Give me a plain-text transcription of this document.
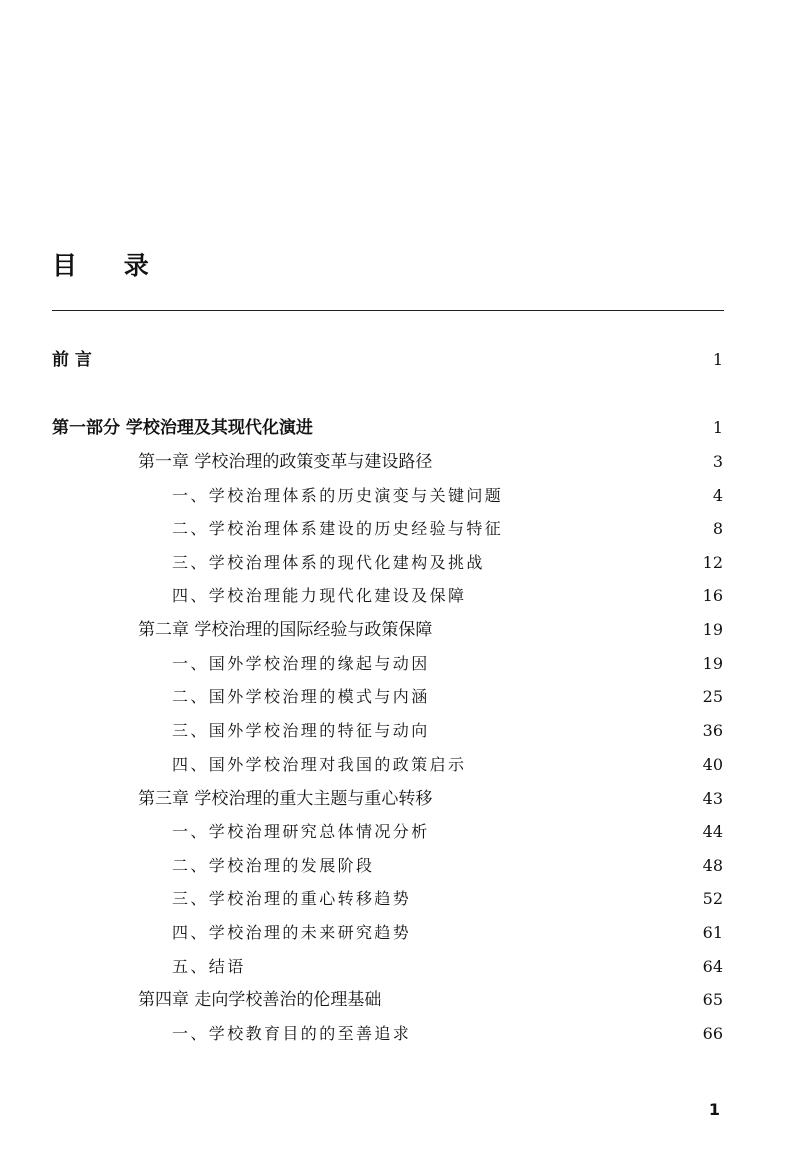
目 录
前 言	1
第一部分 学校治理及其现代化演进	1
第一章 学校治理的政策变革与建设路径	3
一、学校治理体系的历史演变与关键问题	4
二、学校治理体系建设的历史经验与特征	8
三、学校治理体系的现代化建构及挑战	12
四、学校治理能力现代化建设及保障	16
第二章 学校治理的国际经验与政策保障	19
一、国外学校治理的缘起与动因	19
二、国外学校治理的模式与内涵	25
三、国外学校治理的特征与动向	36
四、国外学校治理对我国的政策启示	40
第三章 学校治理的重大主题与重心转移	43
一、学校治理研究总体情况分析	44
二、学校治理的发展阶段	48
三、学校治理的重心转移趋势	52
四、学校治理的未来研究趋势	61
五、结语	64
第四章 走向学校善治的伦理基础	65
一、学校教育目的的至善追求	66
1
